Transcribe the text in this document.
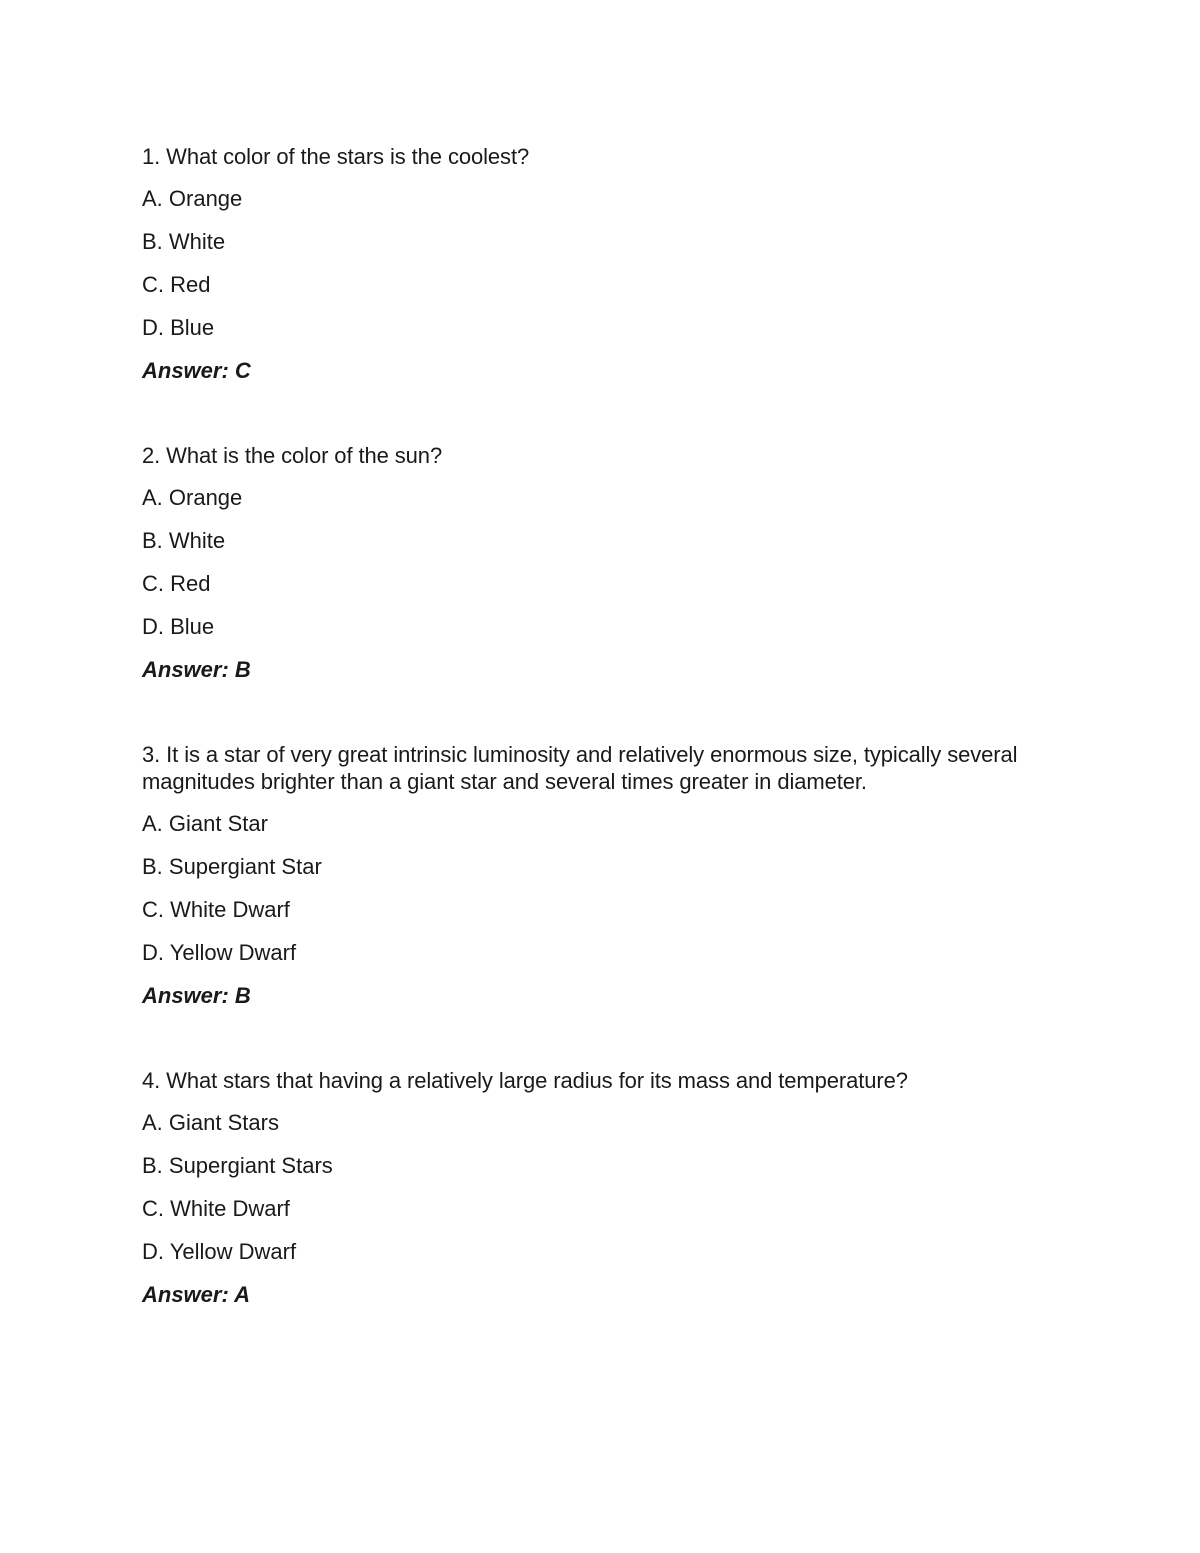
1. What color of the stars is the coolest?

A. Orange

B. White

C. Red

D. Blue

Answer: C

2. What is the color of the sun?

A. Orange

B. White

C. Red

D. Blue

Answer: B

3. It is a star of very great intrinsic luminosity and relatively enormous size, typically several magnitudes brighter than a giant star and several times greater in diameter.

A. Giant Star

B. Supergiant Star

C. White Dwarf

D. Yellow Dwarf

Answer: B

4. What stars that having a relatively large radius for its mass and temperature?

A. Giant Stars

B. Supergiant Stars

C. White Dwarf

D. Yellow Dwarf

Answer: A
